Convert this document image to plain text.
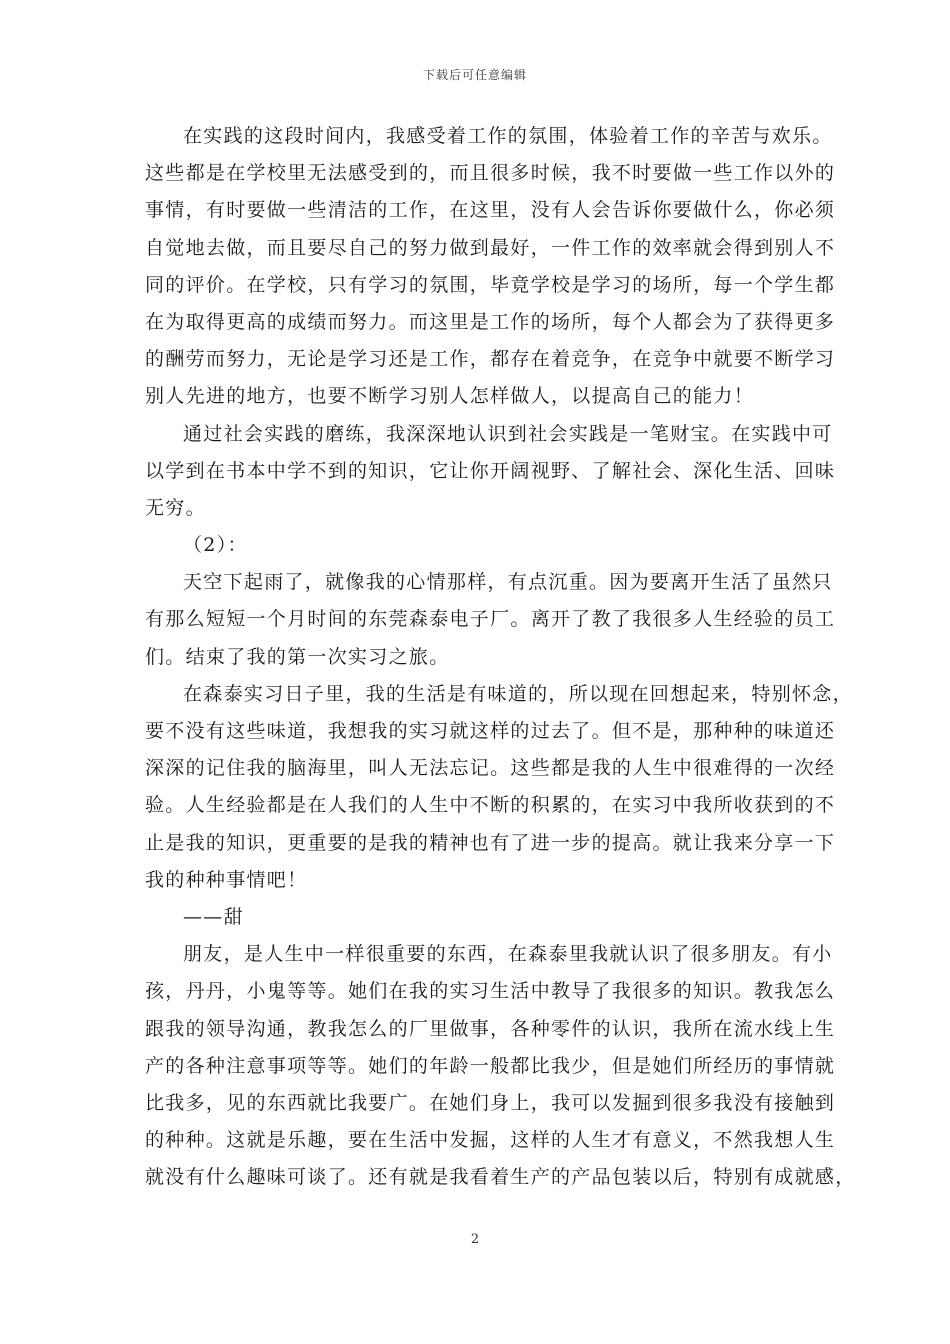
下载后可任意编辑
在实践的这段时间内，我感受着工作的氛围，体验着工作的辛苦与欢乐。
这些都是在学校里无法感受到的，而且很多时候，我不时要做一些工作以外的
事情，有时要做一些清洁的工作，在这里，没有人会告诉你要做什么，你必须
自觉地去做，而且要尽自己的努力做到最好，一件工作的效率就会得到别人不
同的评价。在学校，只有学习的氛围，毕竟学校是学习的场所，每一个学生都
在为取得更高的成绩而努力。而这里是工作的场所，每个人都会为了获得更多
的酬劳而努力，无论是学习还是工作，都存在着竞争，在竞争中就要不断学习
别人先进的地方，也要不断学习别人怎样做人，以提高自己的能力！
通过社会实践的磨练，我深深地认识到社会实践是一笔财宝。在实践中可
以学到在书本中学不到的知识，它让你开阔视野、了解社会、深化生活、回味
无穷。
（2）：
天空下起雨了，就像我的心情那样，有点沉重。因为要离开生活了虽然只
有那么短短一个月时间的东莞森泰电子厂。离开了教了我很多人生经验的员工
们。结束了我的第一次实习之旅。
在森泰实习日子里，我的生活是有味道的，所以现在回想起来，特别怀念，
要不没有这些味道，我想我的实习就这样的过去了。但不是，那种种的味道还
深深的记住我的脑海里，叫人无法忘记。这些都是我的人生中很难得的一次经
验。人生经验都是在人我们的人生中不断的积累的，在实习中我所收获到的不
止是我的知识，更重要的是我的精神也有了进一步的提高。就让我来分享一下
我的种种事情吧！
——甜
朋友，是人生中一样很重要的东西，在森泰里我就认识了很多朋友。有小
孩，丹丹，小鬼等等。她们在我的实习生活中教导了我很多的知识。教我怎么
跟我的领导沟通，教我怎么的厂里做事，各种零件的认识，我所在流水线上生
产的各种注意事项等等。她们的年龄一般都比我少，但是她们所经历的事情就
比我多，见的东西就比我要广。在她们身上，我可以发掘到很多我没有接触到
的种种。这就是乐趣，要在生活中发掘，这样的人生才有意义，不然我想人生
就没有什么趣味可谈了。还有就是我看着生产的产品包装以后，特别有成就感，
2
